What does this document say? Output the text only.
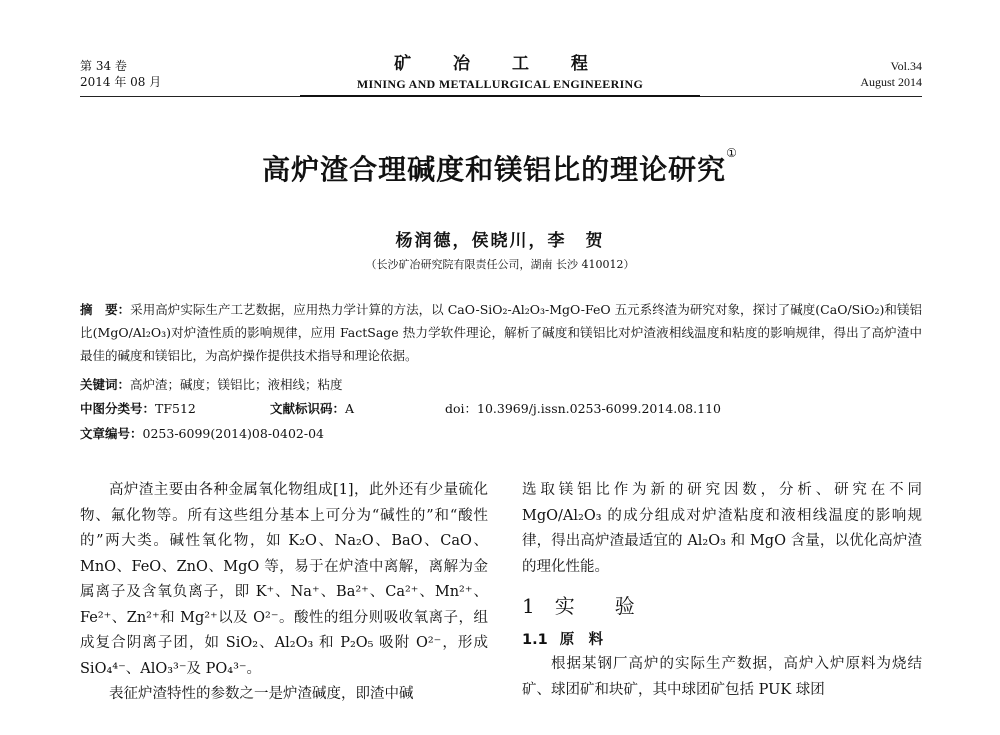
第 34 卷
2014 年 08 月
矿 冶 工 程
MINING AND METALLURGICAL ENGINEERING
Vol.34
August 2014
高炉渣合理碱度和镁铝比的理论研究①
杨润德，侯晓川，李　贺
（长沙矿冶研究院有限责任公司，湖南 长沙 410012）
摘　要：采用高炉实际生产工艺数据，应用热力学计算的方法，以 CaO-SiO₂-Al₂O₃-MgO-FeO 五元系终渣为研究对象，探讨了碱度(CaO/SiO₂)和镁铝比(MgO/Al₂O₃)对炉渣性质的影响规律，应用 FactSage 热力学软件理论，解析了碱度和镁铝比对炉渣液相线温度和粘度的影响规律，得出了高炉渣中最佳的碱度和镁铝比，为高炉操作提供技术指导和理论依据。
关键词：高炉渣；碱度；镁铝比；液相线；粘度
中图分类号：TF512	文献标识码：A	doi：10.3969/j.issn.0253-6099.2014.08.110
文章编号：0253-6099(2014)08-0402-04

高炉渣主要由各种金属氧化物组成[1]，此外还有少量硫化物、氟化物等。所有这些组分基本上可分为“碱性的”和“酸性的”两大类。碱性氧化物，如 K₂O、Na₂O、BaO、CaO、MnO、FeO、ZnO、MgO 等，易于在炉渣中离解，离解为金属离子及含氧负离子，即 K⁺、Na⁺、Ba²⁺、Ca²⁺、Mn²⁺、Fe²⁺、Zn²⁺和 Mg²⁺以及 O²⁻。酸性的组分则吸收氧离子，组成复合阴离子团，如 SiO₂、Al₂O₃ 和 P₂O₅ 吸附 O²⁻，形成 SiO₄⁴⁻、AlO₃³⁻及 PO₄³⁻。

表征炉渣特性的参数之一是炉渣碱度，即渣中碱

选取镁铝比作为新的研究因数，分析、研究在不同 MgO/Al₂O₃ 的成分组成对炉渣粘度和液相线温度的影响规律，得出高炉渣最适宜的 Al₂O₃ 和 MgO 含量，以优化高炉渣的理化性能。

1 实 验
1.1 原　料

根据某钢厂高炉的实际生产数据，高炉入炉原料为烧结矿、球团矿和块矿，其中球团矿包括 PUK 球团
